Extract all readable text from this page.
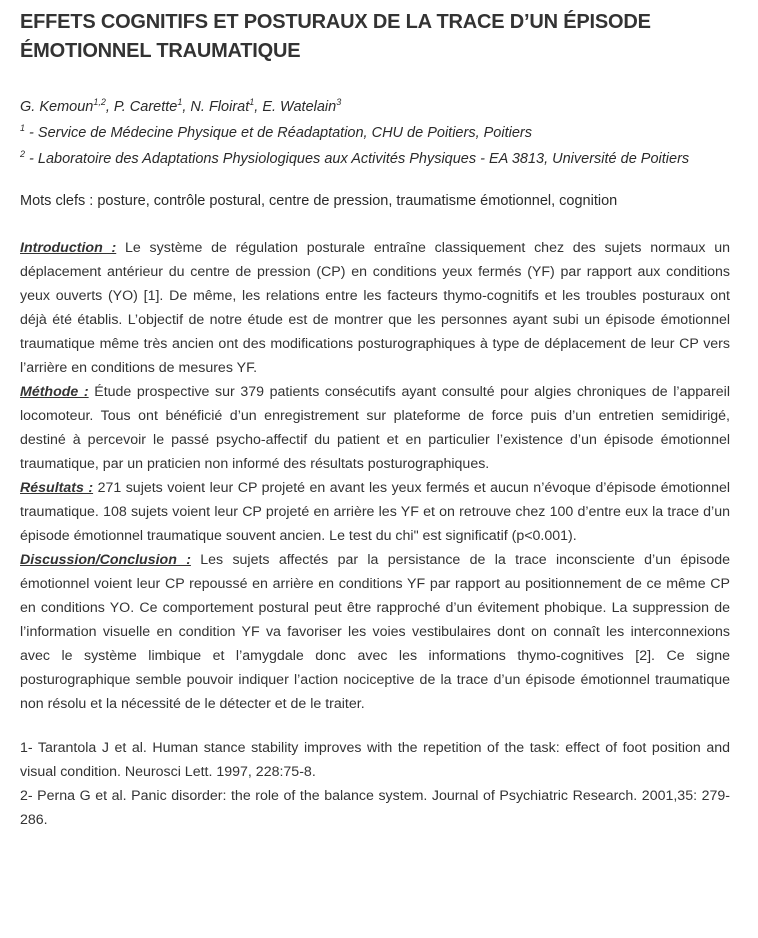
EFFETS COGNITIFS ET POSTURAUX DE LA TRACE D’UN ÉPISODE ÉMOTIONNEL TRAUMATIQUE
G. Kemoun$^{1,2}$, P. Carette$^1$, N. Floirat$^1$, E. Watelain$^3$
$^1$ - Service de Médecine Physique et de Réadaptation, CHU de Poitiers, Poitiers
$^2$ - Laboratoire des Adaptations Physiologiques aux Activités Physiques - EA 3813, Université de Poitiers
Mots clefs : posture, contrôle postural, centre de pression, traumatisme émotionnel, cognition

Introduction : Le système de régulation posturale entraîne classiquement chez des sujets normaux un déplacement antérieur du centre de pression (CP) en conditions yeux fermés (YF) par rapport aux conditions yeux ouverts (YO) [1]. De même, les relations entre les facteurs thymo-cognitifs et les troubles posturaux ont déjà été établis. L’objectif de notre étude est de montrer que les personnes ayant subi un épisode émotionnel traumatique même très ancien ont des modifications posturographiques à type de déplacement de leur CP vers l’arrière en conditions de mesures YF.

Méthode : Étude prospective sur 379 patients consécutifs ayant consulté pour algies chroniques de l’appareil locomoteur. Tous ont bénéficié d’un enregistrement sur plateforme de force puis d’un entretien semidirigé, destiné à percevoir le passé psycho-affectif du patient et en particulier l’existence d’un épisode émotionnel traumatique, par un praticien non informé des résultats posturographiques.

Résultats : 271 sujets voient leur CP projeté en avant les yeux fermés et aucun n’évoque d’épisode émotionnel traumatique. 108 sujets voient leur CP projeté en arrière les YF et on retrouve chez 100 d’entre eux la trace d’un épisode émotionnel traumatique souvent ancien. Le test du chi" est significatif (p<0.001).

Discussion/Conclusion : Les sujets affectés par la persistance de la trace inconsciente d’un épisode émotionnel voient leur CP repoussé en arrière en conditions YF par rapport au positionnement de ce même CP en conditions YO. Ce comportement postural peut être rapproché d’un évitement phobique. La suppression de l’information visuelle en condition YF va favoriser les voies vestibulaires dont on connaît les interconnexions avec le système limbique et l’amygdale donc avec les informations thymo-cognitives [2]. Ce signe posturographique semble pouvoir indiquer l’action nociceptive de la trace d’un épisode émotionnel traumatique non résolu et la nécessité de le détecter et de le traiter.

1- Tarantola J et al. Human stance stability improves with the repetition of the task: effect of foot position and visual condition. Neurosci Lett. 1997, 228:75-8.

2- Perna G et al. Panic disorder: the role of the balance system. Journal of Psychiatric Research. 2001,35: 279-286.
